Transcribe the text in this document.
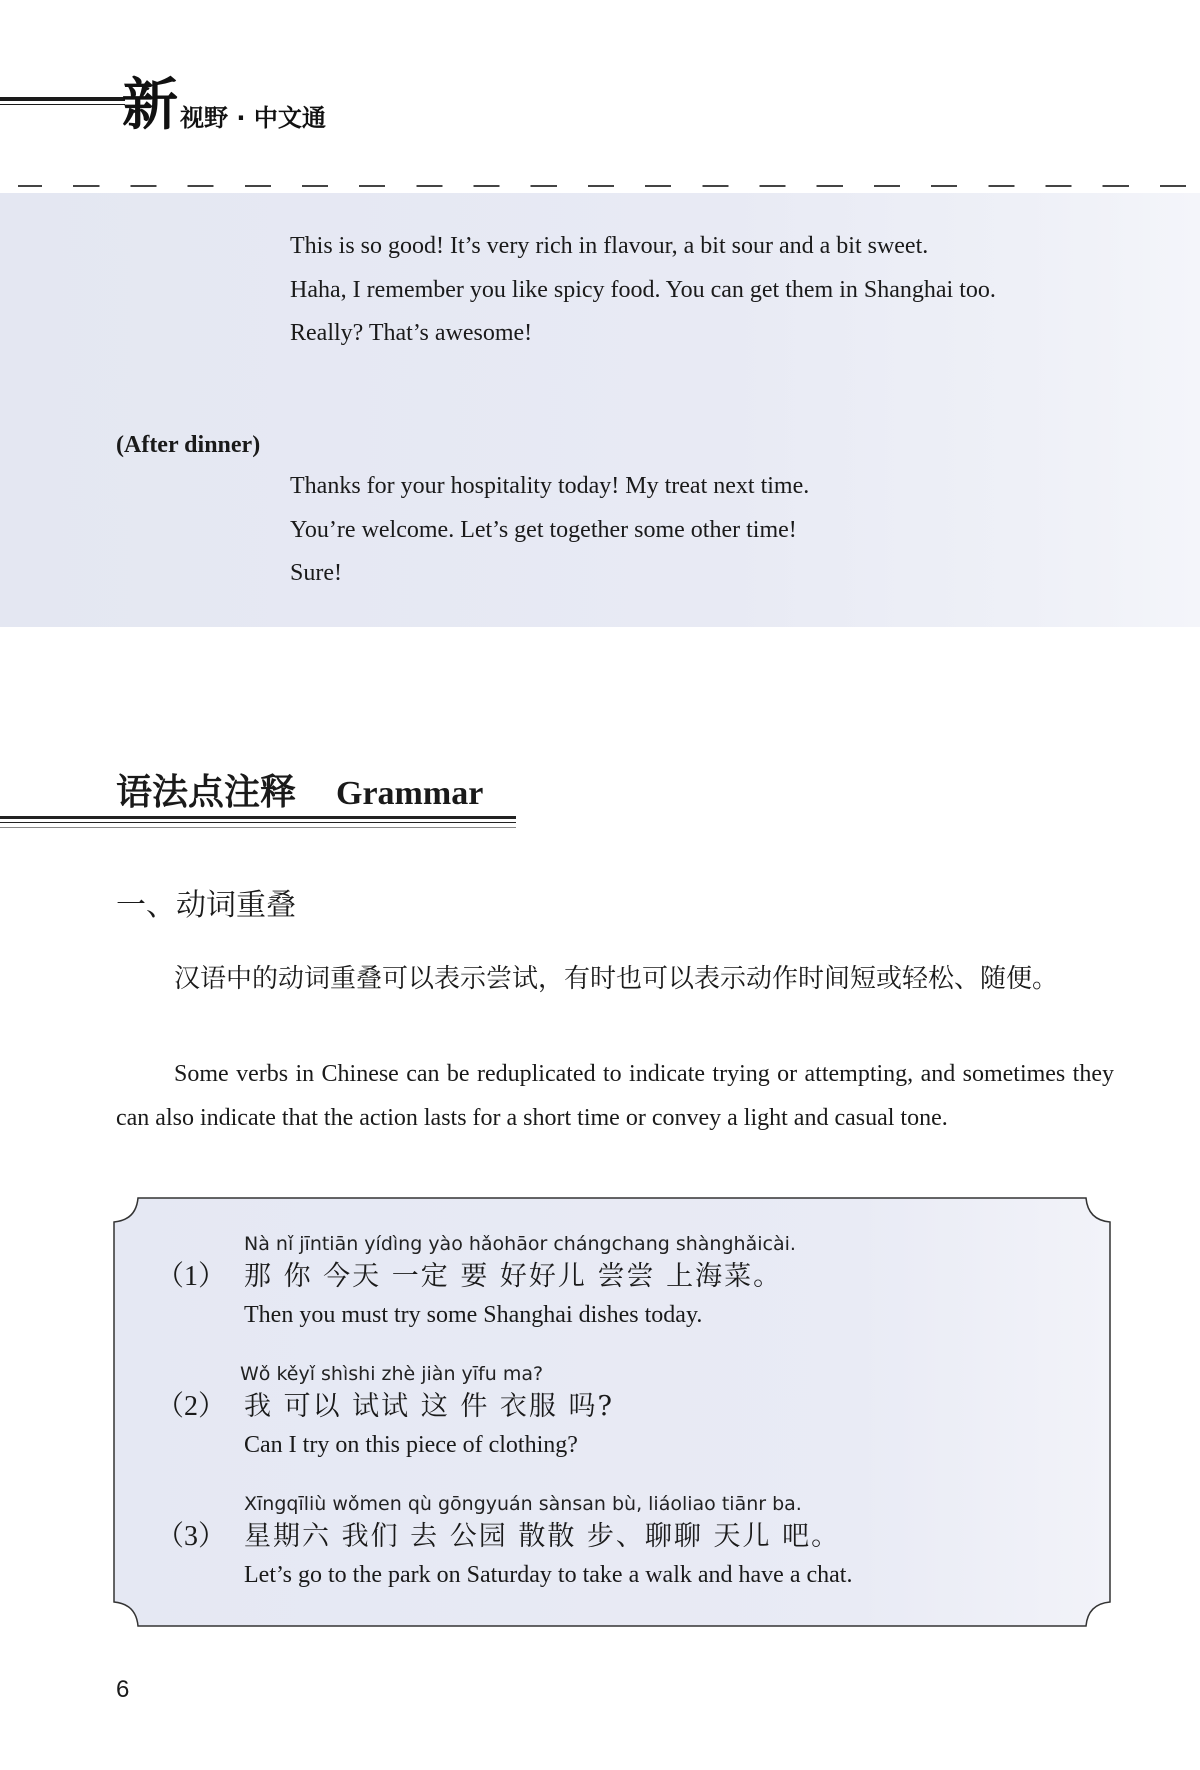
新 视野 · 中文通
This is so good! It’s very rich in flavour, a bit sour and a bit sweet.
Haha, I remember you like spicy food. You can get them in Shanghai too.
Really? That’s awesome!
Thanks for your hospitality today! My treat next time.
You’re welcome. Let’s get together some other time!
Sure!
(After dinner)
语法点注释 Grammar
一、动词重叠
汉语中的动词重叠可以表示尝试，有时也可以表示动作时间短或轻松、随便。
Some verbs in Chinese can be reduplicated to indicate trying or attempting, and sometimes they can also indicate that the action lasts for a short time or convey a light and casual tone.
Nà nǐ jīntiān yídìng yào hǎohāor chángchang shànghǎicài.
（1） 那 你 今天 一定 要 好好儿 尝尝 上海菜。
Then you must try some Shanghai dishes today.
Wǒ kěyǐ shìshi zhè jiàn yīfu ma?
（2） 我 可以 试试 这 件 衣服 吗?
Can I try on this piece of clothing?
Xīngqīliù wǒmen qù gōngyuán sànsan bù, liáoliao tiānr ba.
（3） 星期六 我们 去 公园 散散 步、聊聊 天儿 吧。
Let’s go to the park on Saturday to take a walk and have a chat.
6
